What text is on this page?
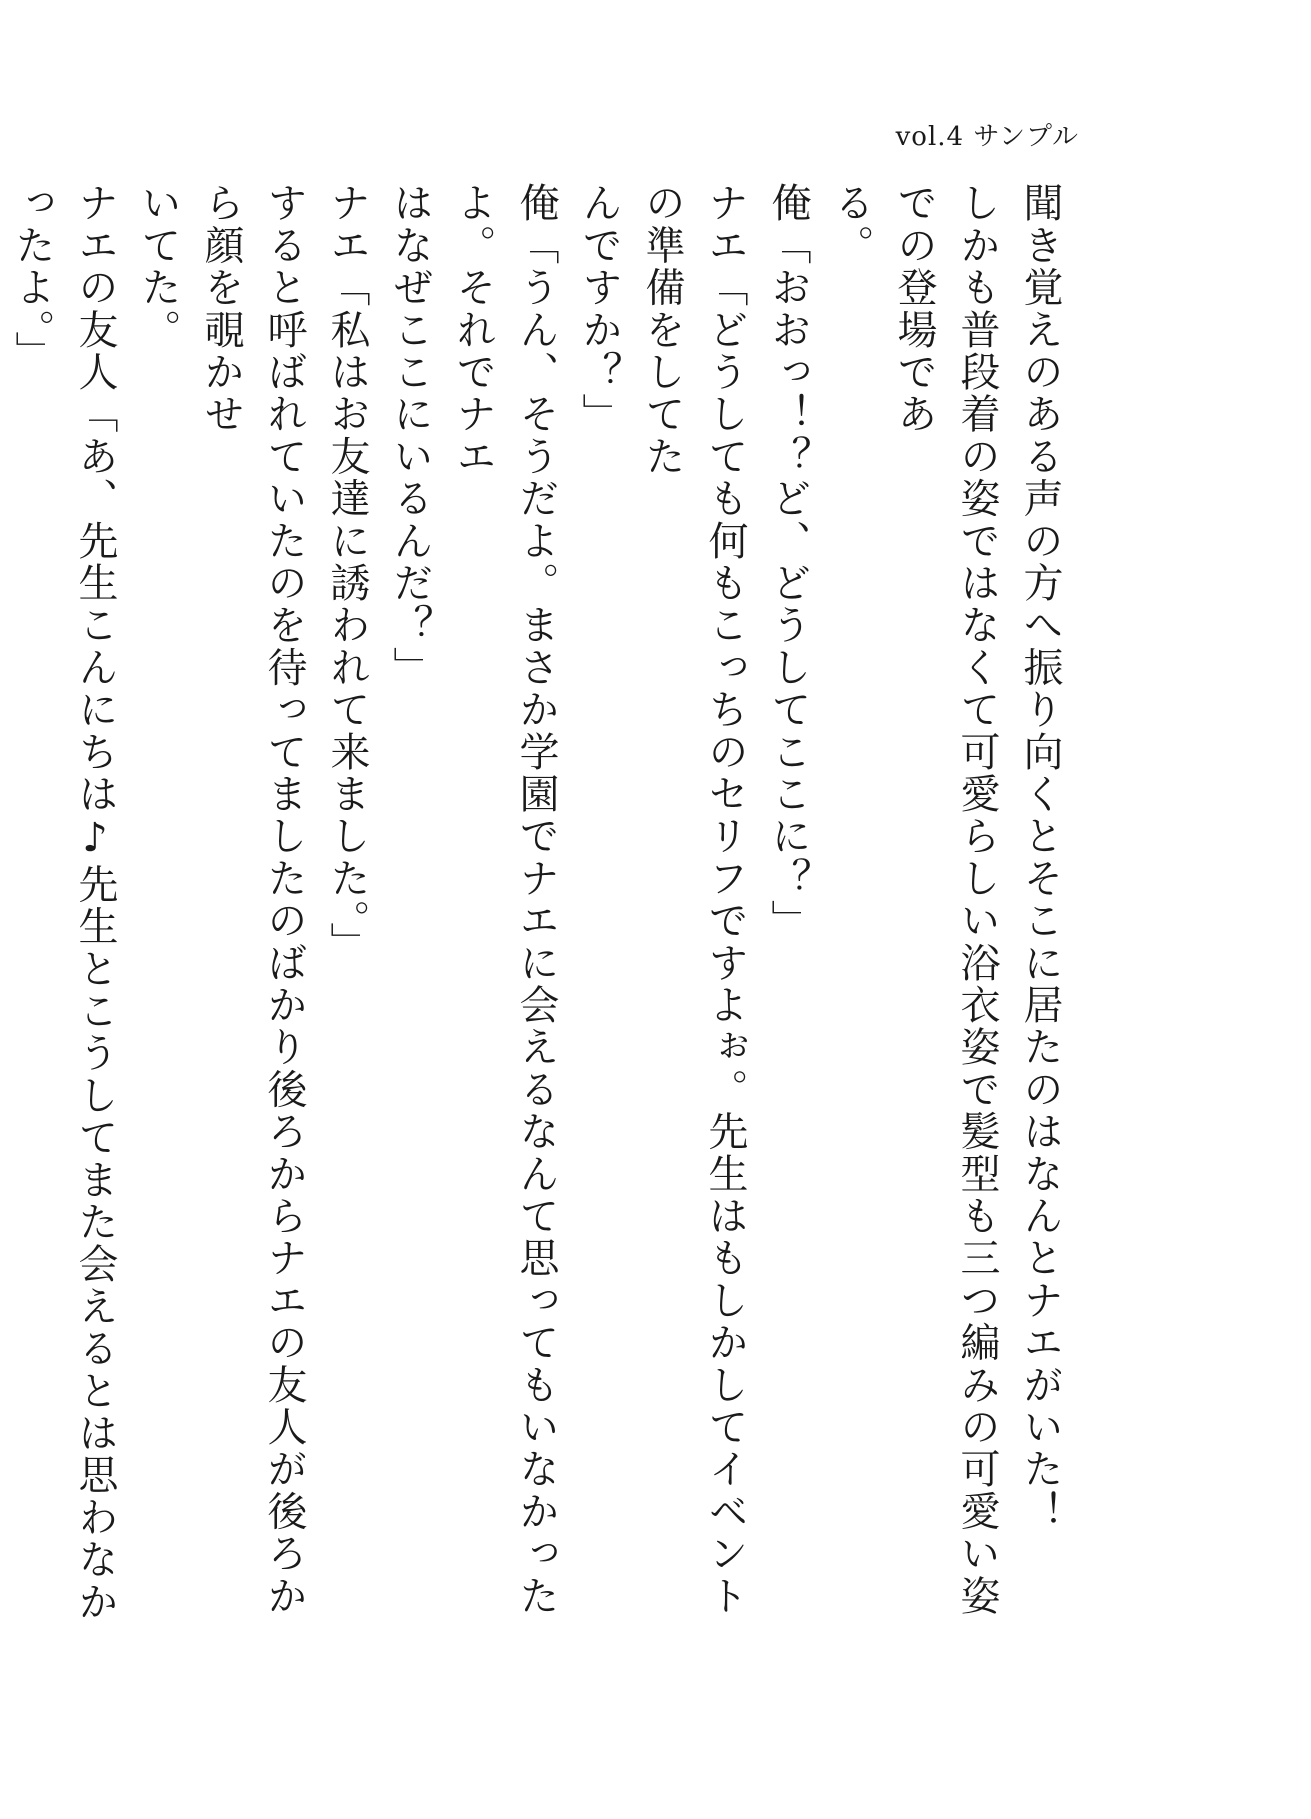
vol.4 サンプル

聞き覚えのある声の方へ振り向くとそこに居たのはなんとナエがいた！

しかも普段着の姿ではなくて可愛らしい浴衣姿で髪型も三つ編みの可愛い姿での登場であ
る。

俺「おおっ！？ど、どうしてここに？」

ナエ「どうしても何もこっちのセリフですよぉ。先生はもしかしてイベントの準備をしてた
んですか？」

俺「うん、そうだよ。まさか学園でナエに会えるなんて思ってもいなかったよ。それでナエ
はなぜここにいるんだ？」

ナエ「私はお友達に誘われて来ました。」

すると呼ばれていたのを待ってましたのばかり後ろからナエの友人が後ろから顔を覗かせ
いてた。

ナエの友人「あ、先生こんにちは♪先生とこうしてまた会えるとは思わなかったよ。」
